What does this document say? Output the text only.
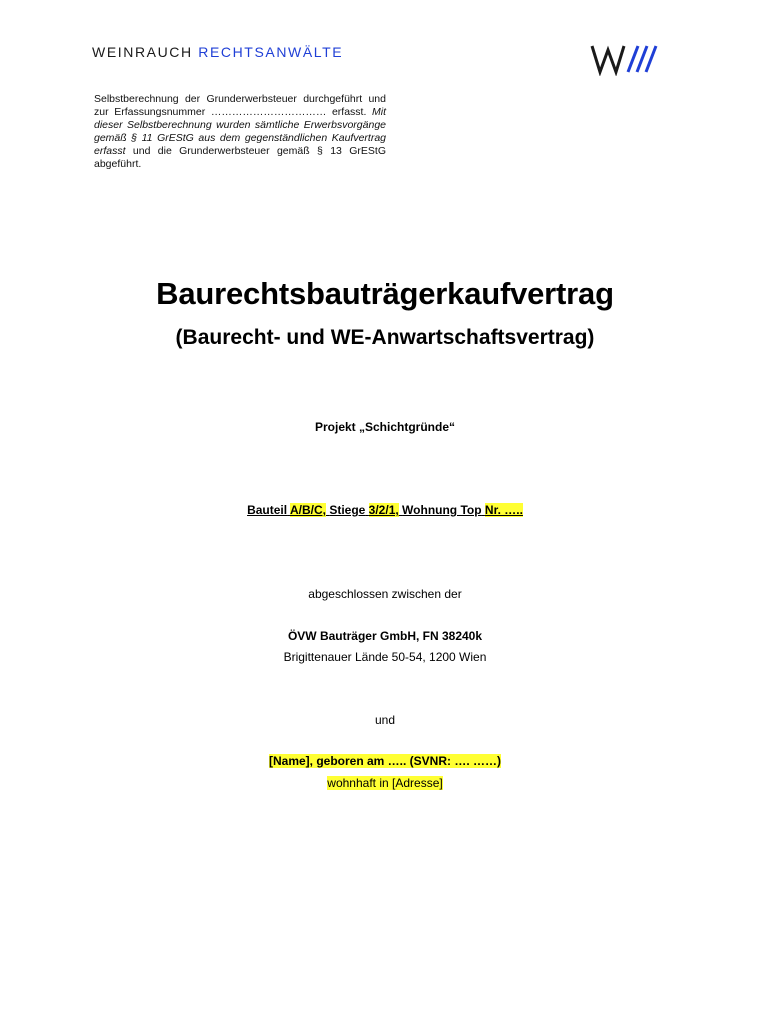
WEINRAUCH RECHTSANWÄLTE
Selbstberechnung der Grunderwerbsteuer durchgeführt und zur Erfassungsnummer …………………………… erfasst. Mit dieser Selbstberechnung wurden sämtliche Erwerbsvorgänge gemäß § 11 GrEStG aus dem gegenständlichen Kaufvertrag erfasst und die Grunderwerbsteuer gemäß § 13 GrEStG abgeführt.
Baurechtsbauträgerkaufvertrag
(Baurecht- und WE-Anwartschaftsvertrag)
Projekt „Schichtgründe“
Bauteil A/B/C, Stiege 3/2/1, Wohnung Top Nr. …..
abgeschlossen zwischen der
ÖVW Bauträger GmbH, FN 38240k
Brigittenauer Lände 50-54, 1200 Wien
und
[Name], geboren am ….. (SVNR: …. ……)
wohnhaft in [Adresse]
